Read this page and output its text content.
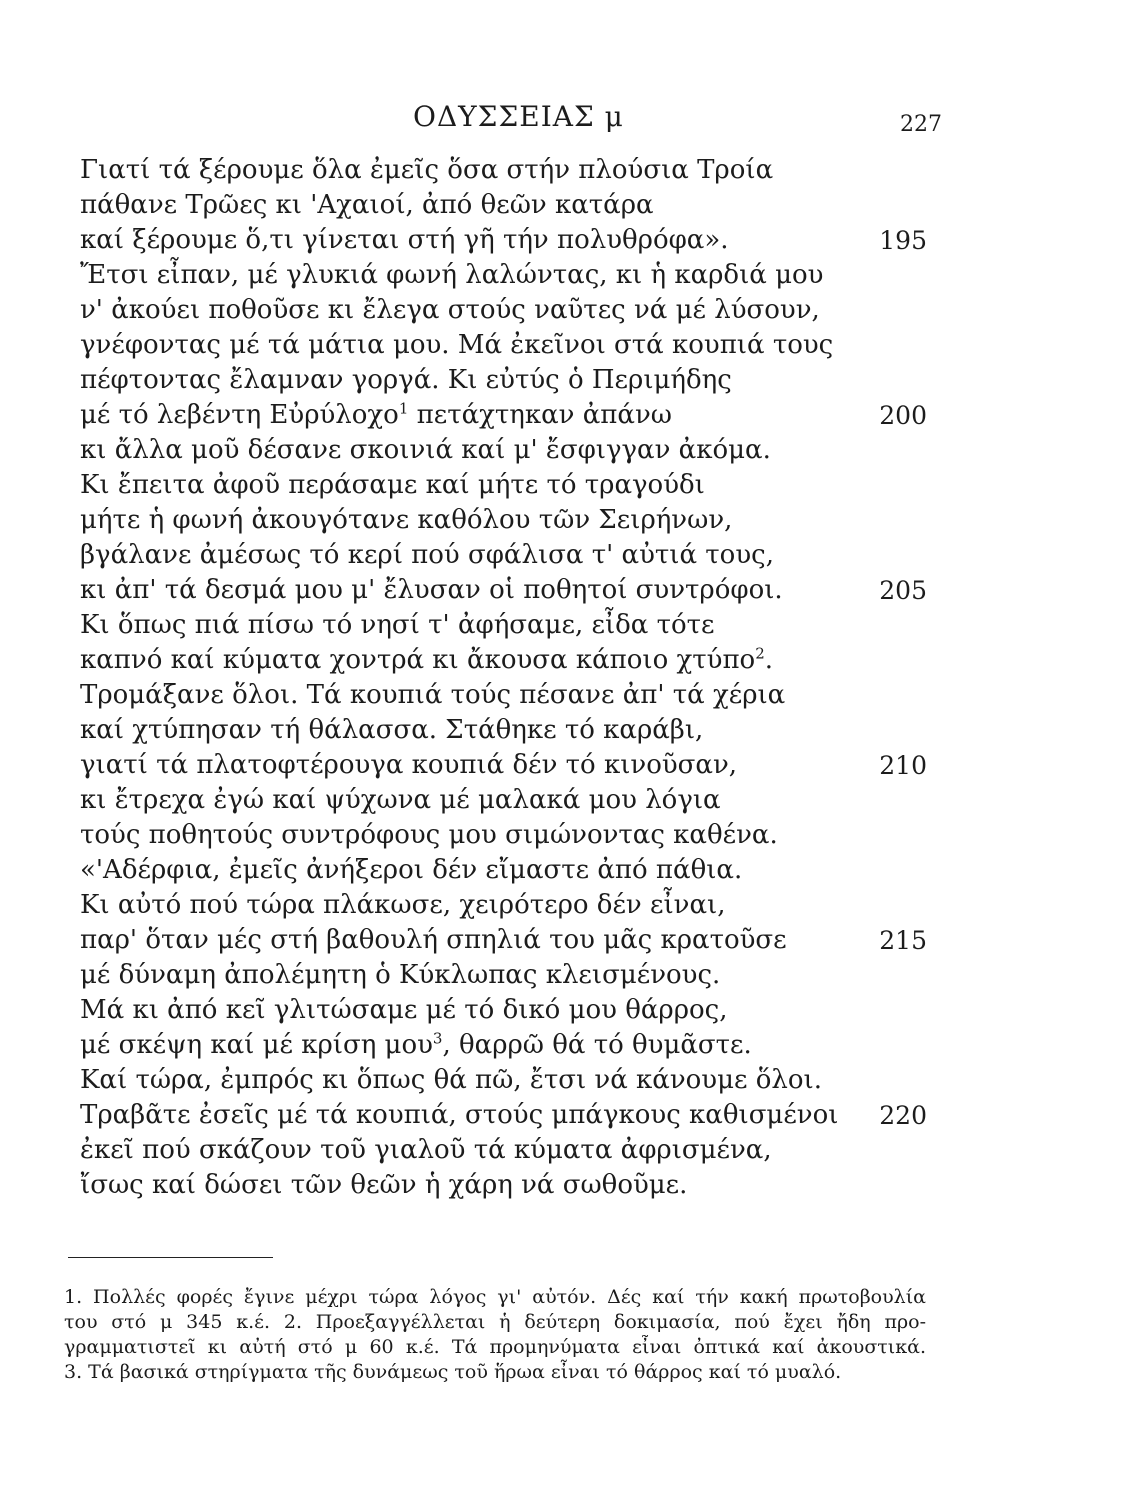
ΟΔΥΣΣΕΙΑΣ μ	227
Γιατί τά ξέρουμε ὅλα ἐμεῖς ὅσα στήν πλούσια Τροία
πάθανε Τρῶες κι 'Αχαιοί, ἀπό θεῶν κατάρα
καί ξέρουμε ὅ,τι γίνεται στή γῆ τήν πολυθρόφα».	195
Ἔτσι εἶπαν, μέ γλυκιά φωνή λαλώντας, κι ἡ καρδιά μου
ν' ἀκούει ποθοῦσε κι ἔλεγα στούς ναῦτες νά μέ λύσουν,
γνέφοντας μέ τά μάτια μου. Μά ἐκεῖνοι στά κουπιά τους
πέφτοντας ἔλαμναν γοργά. Κι εὐτύς ὁ Περιμήδης
μέ τό λεβέντη Εὐρύλοχο$^1$ πετάχτηκαν ἀπάνω	200
κι ἄλλα μοῦ δέσανε σκοινιά καί μ' ἔσφιγγαν ἀκόμα.
Κι ἔπειτα ἀφοῦ περάσαμε καί μήτε τό τραγούδι
μήτε ἡ φωνή ἀκουγότανε καθόλου τῶν Σειρήνων,
βγάλανε ἀμέσως τό κερί πού σφάλισα τ' αὐτιά τους,
κι ἀπ' τά δεσμά μου μ' ἔλυσαν οἱ ποθητοί συντρόφοι.	205
Κι ὅπως πιά πίσω τό νησί τ' ἀφήσαμε, εἶδα τότε
καπνό καί κύματα χοντρά κι ἄκουσα κάποιο χτύπο$^2$.
Τρομάξανε ὅλοι. Τά κουπιά τούς πέσανε ἀπ' τά χέρια
καί χτύπησαν τή θάλασσα. Στάθηκε τό καράβι,
γιατί τά πλατοφτέρουγα κουπιά δέν τό κινοῦσαν,	210
κι ἔτρεχα ἐγώ καί ψύχωνα μέ μαλακά μου λόγια
τούς ποθητούς συντρόφους μου σιμώνοντας καθένα.
«'Αδέρφια, ἐμεῖς ἀνήξεροι δέν εἴμαστε ἀπό πάθια.
Κι αὐτό πού τώρα πλάκωσε, χειρότερο δέν εἶναι,
παρ' ὅταν μές στή βαθουλή σπηλιά του μᾶς κρατοῦσε	215
μέ δύναμη ἀπολέμητη ὁ Κύκλωπας κλεισμένους.
Μά κι ἀπό κεῖ γλιτώσαμε μέ τό δικό μου θάρρος,
μέ σκέψη καί μέ κρίση μου$^3$, θαρρῶ θά τό θυμᾶστε.
Καί τώρα, ἐμπρός κι ὅπως θά πῶ, ἔτσι νά κάνουμε ὅλοι.
Τραβᾶτε ἐσεῖς μέ τά κουπιά, στούς μπάγκους καθισμένοι 220
ἐκεῖ πού σκάζουν τοῦ γιαλοῦ τά κύματα ἀφρισμένα,
ἴσως καί δώσει τῶν θεῶν ἡ χάρη νά σωθοῦμε.
1. Πολλές φορές ἔγινε μέχρι τώρα λόγος γι' αὐτόν. Δές καί τήν κακή πρωτοβουλία
του στό μ 345 κ.έ. 2. Προεξαγγέλλεται ἡ δεύτερη δοκιμασία, πού ἔχει ἤδη προ-
γραμματιστεῖ κι αὐτή στό μ 60 κ.έ. Τά προμηνύματα εἶναι ὀπτικά καί ἀκουστικά.
3. Τά βασικά στηρίγματα τῆς δυνάμεως τοῦ ἥρωα εἶναι τό θάρρος καί τό μυαλό.
